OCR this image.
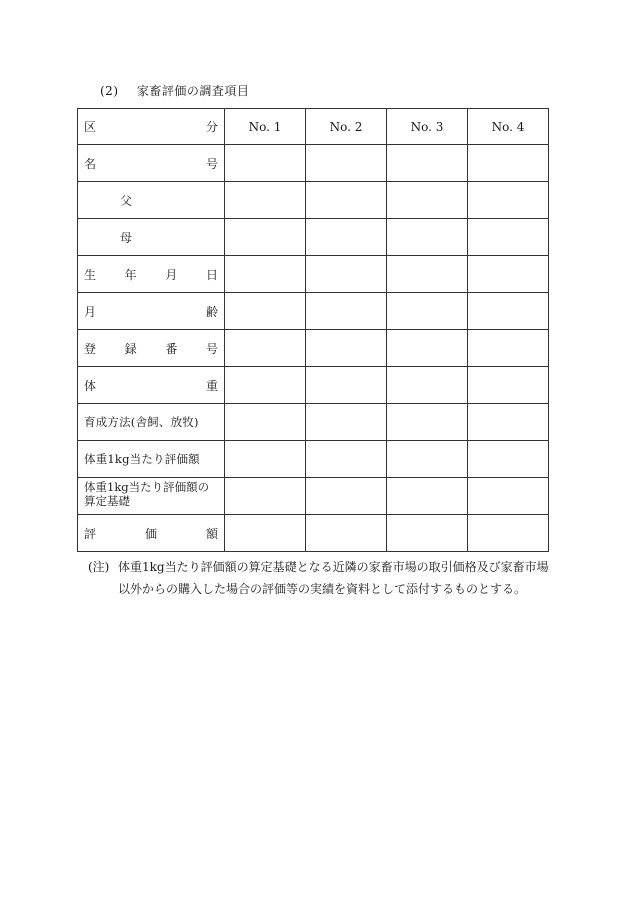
(2) 家畜評価の調査項目
区 分	No. 1	No. 2	No. 3	No. 4

名 号				

父				

母				

生 年 月 日				

月 齢				

登 録 番 号				

体 重				

育成方法(舎飼、放牧)				

体重1kg当たり評価額				

体重1kg当たり評価額の
算定基礎				

評 価 額				

(注) 体重1kg当たり評価額の算定基礎となる近隣の家畜市場の取引価格及び家畜市場
以外からの購入した場合の評価等の実績を資料として添付するものとする。
